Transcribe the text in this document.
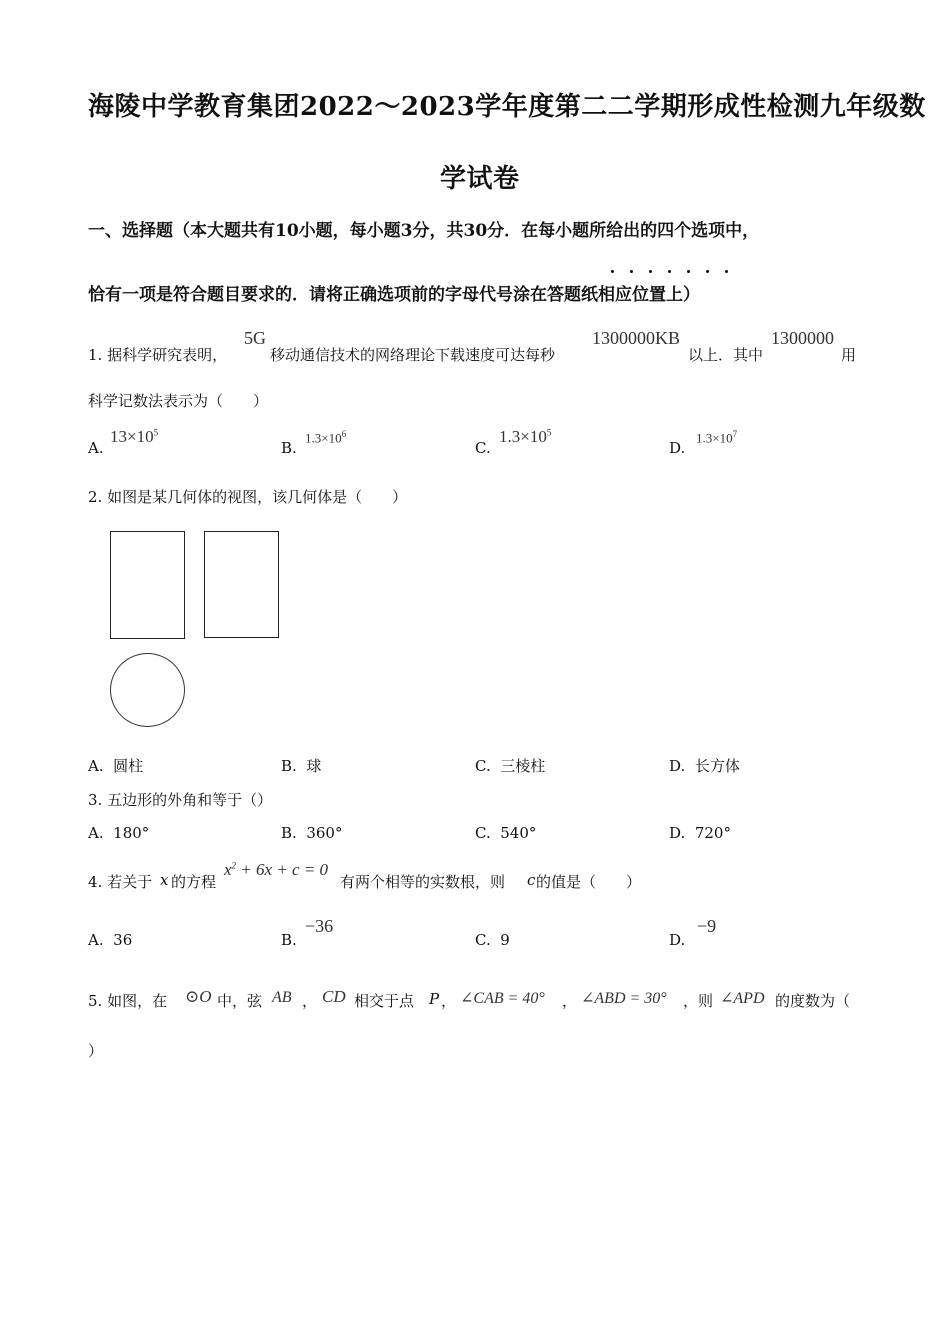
海陵中学教育集团2022～2023学年度第二二学期形成性检测九年级数
学试卷
一、选择题（本大题共有10小题，每小题3分，共30分．在每小题所给出的四个选项中，
恰有一项是符合题目要求的．请将正确选项前的字母代号涂在答题纸相应位置上）
1. 据科学研究表明，
5G
移动通信技术的网络理论下载速度可达每秒
1300000KB
以上．其中
1300000
用
科学记数法表示为（　　）
A.
$13\times 10^5$
B.
$1.3\times 10^6$
C.
$1.3\times 10^5$
D.
$1.3\times 10^7$
2. 如图是某几何体的视图，该几何体是（　　）
A. 圆柱	B. 球	C. 三棱柱	D. 长方体
3. 五边形的外角和等于（）
A. 180°	B. 360°	C. 540°	D. 720°
4. 若关于 x 的方程
$x^2 + 6x + c = 0$
有两个相等的实数根，则 c 的值是（　　）
A. 36	B.
−36
C. 9	D.
−9
5. 如图，在 ⊙O 中，弦 AB ， CD 相交于点 P ， ∠CAB = 40° ， ∠ABD = 30° ，则 ∠APD 的度数为（
）
